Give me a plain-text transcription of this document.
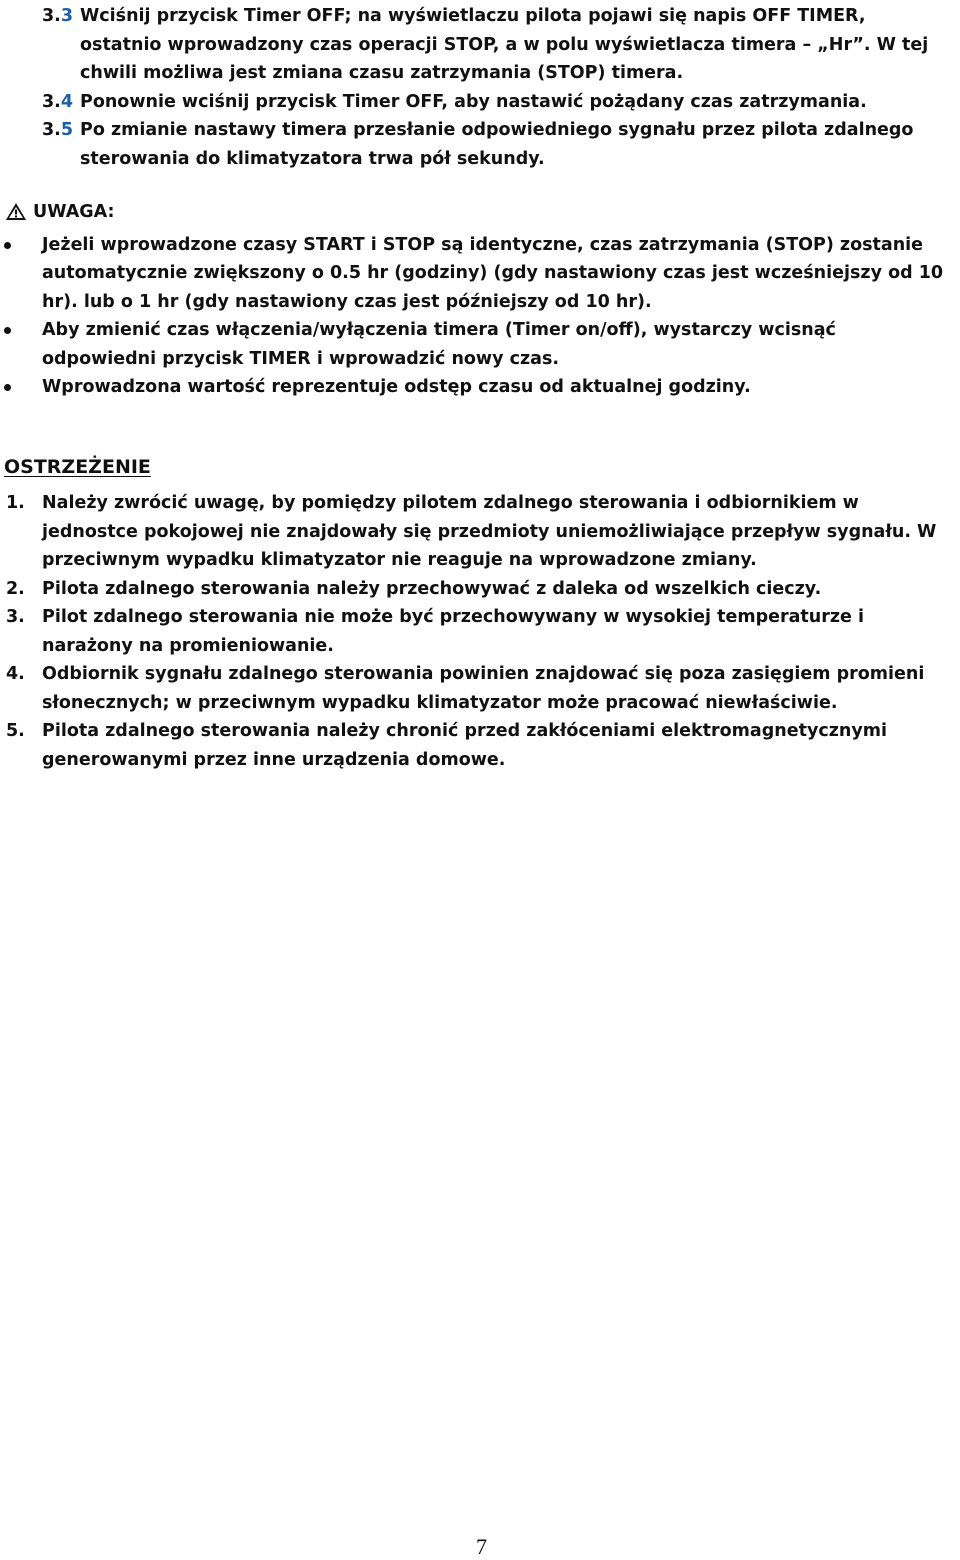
3.3 Wciśnij przycisk Timer OFF; na wyświetlaczu pilota pojawi się napis OFF TIMER, ostatnio wprowadzony czas operacji STOP, a w polu wyświetlacza timera – „Hr”. W tej chwili możliwa jest zmiana czasu zatrzymania (STOP) timera.
3.4 Ponownie wciśnij przycisk Timer OFF, aby nastawić pożądany czas zatrzymania.
3.5 Po zmianie nastawy timera przesłanie odpowiedniego sygnału przez pilota zdalnego sterowania do klimatyzatora trwa pół sekundy.
UWAGA:
Jeżeli wprowadzone czasy START i STOP są identyczne, czas zatrzymania (STOP) zostanie automatycznie zwiększony o 0.5 hr (godziny) (gdy nastawiony czas jest wcześniejszy od 10 hr). lub o 1 hr (gdy nastawiony czas jest późniejszy od 10 hr).
Aby zmienić czas włączenia/wyłączenia timera (Timer on/off), wystarczy wcisnąć odpowiedni przycisk TIMER i wprowadzić nowy czas.
Wprowadzona wartość reprezentuje odstęp czasu od aktualnej godziny.
OSTRZEŻENIE
1. Należy zwrócić uwagę, by pomiędzy pilotem zdalnego sterowania i odbiornikiem w jednostce pokojowej nie znajdowały się przedmioty uniemożliwiające przepływ sygnału. W przeciwnym wypadku klimatyzator nie reaguje na wprowadzone zmiany.
2. Pilota zdalnego sterowania należy przechowywać z daleka od wszelkich cieczy.
3. Pilot zdalnego sterowania nie może być przechowywany w wysokiej temperaturze i narażony na promieniowanie.
4. Odbiornik sygnału zdalnego sterowania powinien znajdować się poza zasięgiem promieni słonecznych; w przeciwnym wypadku klimatyzator może pracować niewłaściwie.
5. Pilota zdalnego sterowania należy chronić przed zakłóceniami elektromagnetycznymi generowanymi przez inne urządzenia domowe.
7
